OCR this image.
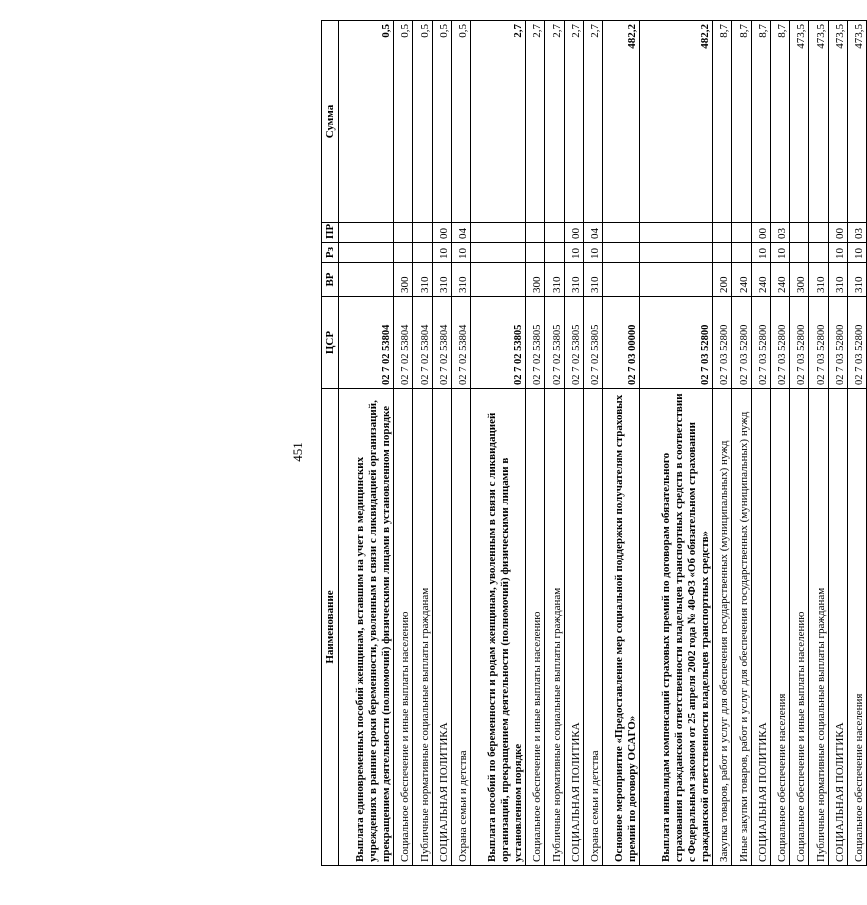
451
Наименование	ЦСР	ВР	Рз	ПР	Сумма
Выплата единовременных пособий женщинам, вставшим на учет в медицинских учреждениях в ранние сроки беременности, уволенным в связи с ликвидацией организаций, прекращением деятельности (полномочий) физическими лицами в установленном порядке	02 7 02 53804				0,5
Социальное обеспечение и иные выплаты населению	02 7 02 53804	300			0,5
Публичные нормативные социальные выплаты гражданам	02 7 02 53804	310			0,5
СОЦИАЛЬНАЯ ПОЛИТИКА	02 7 02 53804	310	10	00	0,5
Охрана семьи и детства	02 7 02 53804	310	10	04	0,5
Выплата пособий по беременности и родам женщинам, уволенным в связи с ликвидацией организаций, прекращением деятельности (полномочий) физическими лицами в установленном порядке	02 7 02 53805				2,7
Социальное обеспечение и иные выплаты населению	02 7 02 53805	300			2,7
Публичные нормативные социальные выплаты гражданам	02 7 02 53805	310			2,7
СОЦИАЛЬНАЯ ПОЛИТИКА	02 7 02 53805	310	10	00	2,7
Охрана семьи и детства	02 7 02 53805	310	10	04	2,7
Основное мероприятие «Предоставление мер социальной поддержки получателям страховых премий по договору ОСАГО»	02 7 03 00000				482,2
Выплата инвалидам компенсаций страховых премий по договорам обязательного страхования гражданской ответственности владельцев транспортных средств в соответствии с Федеральным законом от 25 апреля 2002 года № 40-ФЗ «Об обязательном страховании гражданской ответственности владельцев транспортных средств»	02 7 03 52800				482,2
Закупка товаров, работ и услуг для обеспечения государственных (муниципальных) нужд	02 7 03 52800	200			8,7
Иные закупки товаров, работ и услуг для обеспечения государственных (муниципальных) нужд	02 7 03 52800	240			8,7
СОЦИАЛЬНАЯ ПОЛИТИКА	02 7 03 52800	240	10	00	8,7
Социальное обеспечение населения	02 7 03 52800	240	10	03	8,7
Социальное обеспечение и иные выплаты населению	02 7 03 52800	300			473,5
Публичные нормативные социальные выплаты гражданам	02 7 03 52800	310			473,5
СОЦИАЛЬНАЯ ПОЛИТИКА	02 7 03 52800	310	10	00	473,5
Социальное обеспечение населения	02 7 03 52800	310	10	03	473,5
